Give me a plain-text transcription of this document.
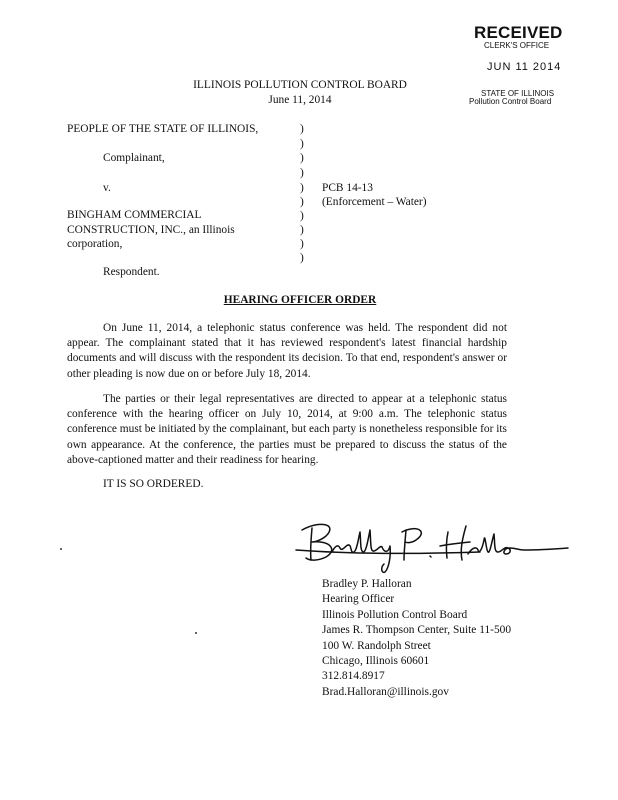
RECEIVED
CLERK'S OFFICE
JUN 11 2014
STATE OF ILLINOIS
Pollution Control Board
ILLINOIS POLLUTION CONTROL BOARD
June 11, 2014
PEOPLE OF THE STATE OF ILLINOIS,
Complainant,
v.
BINGHAM COMMERCIAL
CONSTRUCTION, INC., an Illinois
corporation,
Respondent.
PCB 14-13
(Enforcement – Water)
)
)
)
)
)
)
)
)
)
)
HEARING OFFICER ORDER
On June 11, 2014, a telephonic status conference was held. The respondent did not
appear. The complainant stated that it has reviewed respondent's latest financial hardship
documents and will discuss with the respondent its decision. To that end, respondent's answer or
other pleading is now due on or before July 18, 2014.
The parties or their legal representatives are directed to appear at a telephonic status
conference with the hearing officer on July 10, 2014, at 9:00 a.m. The telephonic status
conference must be initiated by the complainant, but each party is nonetheless responsible for its
own appearance. At the conference, the parties must be prepared to discuss the status of the
above-captioned matter and their readiness for hearing.
IT IS SO ORDERED.
Bradley P. Halloran
Hearing Officer
Illinois Pollution Control Board
James R. Thompson Center, Suite 11-500
100 W. Randolph Street
Chicago, Illinois 60601
312.814.8917
Brad.Halloran@illinois.gov
